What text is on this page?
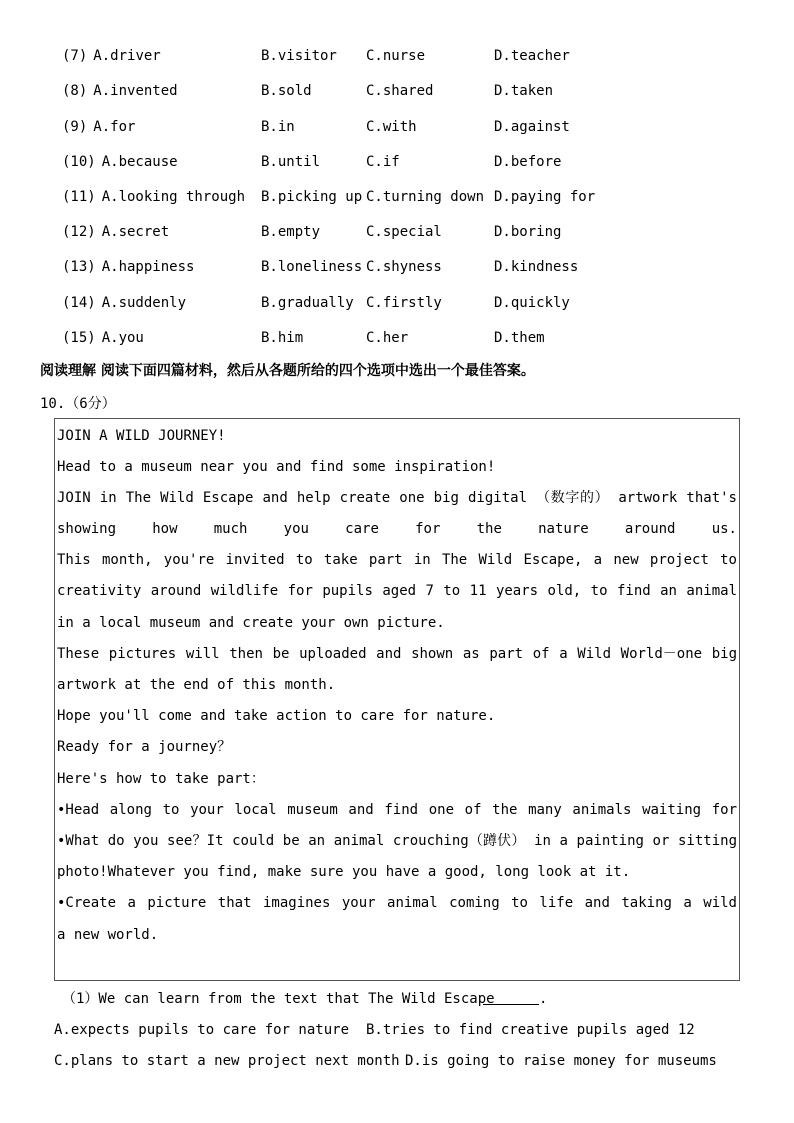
(7) A.driver	B.visitor C.nurse	D.teacher
(8) A.invented	B.sold	C.shared	D.taken
(9) A.for	B.in	C.with	D.against
(10) A.because	B.until	C.if	D.before
(11) A.looking through B.picking up C.turning down D.paying for
(12) A.secret	B.empty	C.special	D.boring
(13) A.happiness	B.loneliness C.shyness	D.kindness
(14) A.suddenly	B.gradually C.firstly	D.quickly
(15) A.you	B.him	C.her	D.them
阅读理解 阅读下面四篇材料，然后从各题所给的四个选项中选出一个最佳答案。
10.（6分）
JOIN A WILD JOURNEY!
Head to a museum near you and find some inspiration!
JOIN in The Wild Escape and help create one big digital （数字的） artwork that's
showing how much you care for the nature around us.
This month, you're invited to take part in The Wild Escape, a new project to
creativity around wildlife for pupils aged 7 to 11 years old, to find an animal
in a local museum and create your own picture.
These pictures will then be uploaded and shown as part of a Wild World－one big
artwork at the end of this month.
Hope you'll come and take action to care for nature.
Ready for a journey？
Here's how to take part：
•Head along to your local museum and find one of the many animals waiting for
•What do you see？It could be an animal crouching（蹲伏） in a painting or sitting
photo!Whatever you find, make sure you have a good, long look at it.
•Create a picture that imagines your animal coming to life and taking a wild
a new world.
（1）We can learn from the text that The Wild Escape	.
A.expects pupils to care for nature B.tries to find creative pupils aged 12
C.plans to start a new project next month D.is going to raise money for museums
